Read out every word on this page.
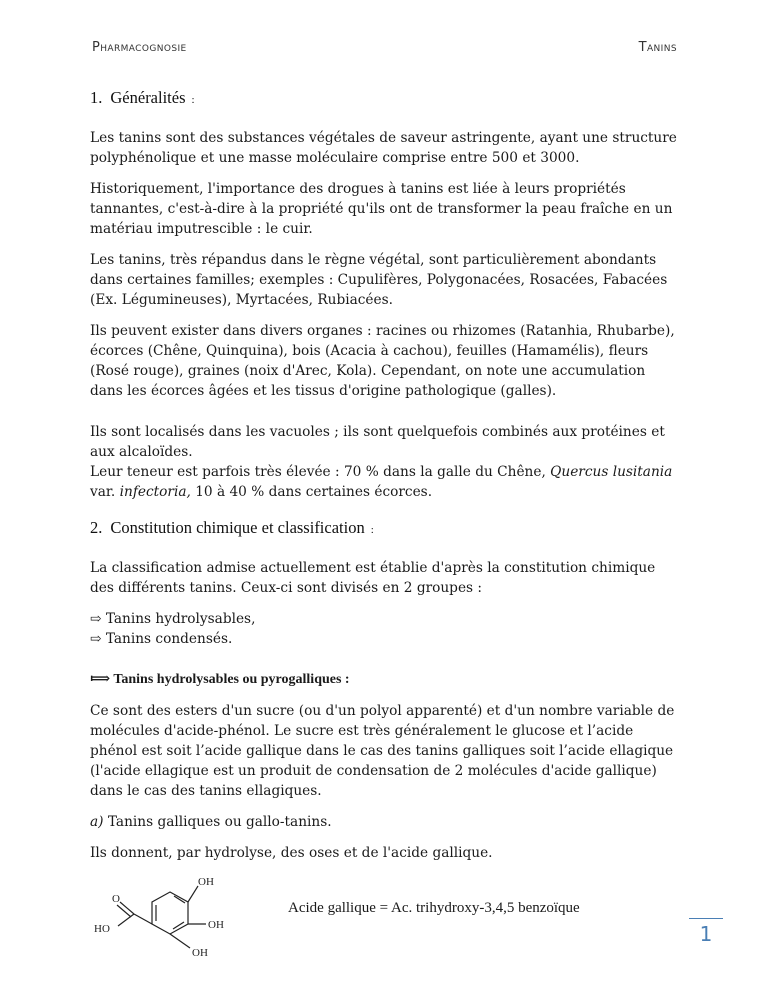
Pharmacognosie	Tanins
1. Généralités :

Les tanins sont des substances végétales de saveur astringente, ayant une structure polyphénolique et une masse moléculaire comprise entre 500 et 3000.

Historiquement, l'importance des drogues à tanins est liée à leurs propriétés tannantes, c'est-à-dire à la propriété qu'ils ont de transformer la peau fraîche en un matériau imputrescible : le cuir.

Les tanins, très répandus dans le règne végétal, sont particulièrement abondants dans certaines familles; exemples : Cupulifères, Polygonacées, Rosacées, Fabacées (Ex. Légumineuses), Myrtacées, Rubiacées.

Ils peuvent exister dans divers organes : racines ou rhizomes (Ratanhia, Rhubarbe), écorces (Chêne, Quinquina), bois (Acacia à cachou), feuilles (Hamamélis), fleurs (Rosé rouge), graines (noix d'Arec, Kola). Cependant, on note une accumulation dans les écorces âgées et les tissus d'origine pathologique (galles).

Ils sont localisés dans les vacuoles ; ils sont quelquefois combinés aux protéines et aux alcaloïdes.
Leur teneur est parfois très élevée : 70 % dans la galle du Chêne, Quercus lusitania var. infectoria, 10 à 40 % dans certaines écorces.

2. Constitution chimique et classification :

La classification admise actuellement est établie d'après la constitution chimique des différents tanins. Ceux-ci sont divisés en 2 groupes :

⇨ Tanins hydrolysables,
⇨ Tanins condensés.

⟾ Tanins hydrolysables ou pyrogalliques :

Ce sont des esters d'un sucre (ou d'un polyol apparenté) et d'un nombre variable de molécules d'acide-phénol. Le sucre est très généralement le glucose et l’acide phénol est soit l’acide gallique dans le cas des tanins galliques soit l’acide ellagique (l'acide ellagique est un produit de condensation de 2 molécules d'acide gallique) dans le cas des tanins ellagiques.

a) Tanins galliques ou gallo-tanins.

Ils donnent, par hydrolyse, des oses et de l'acide gallique.

OH
OH
OH
O
HO
Acide gallique = Ac. trihydroxy-3,4,5 benzoïque
1
